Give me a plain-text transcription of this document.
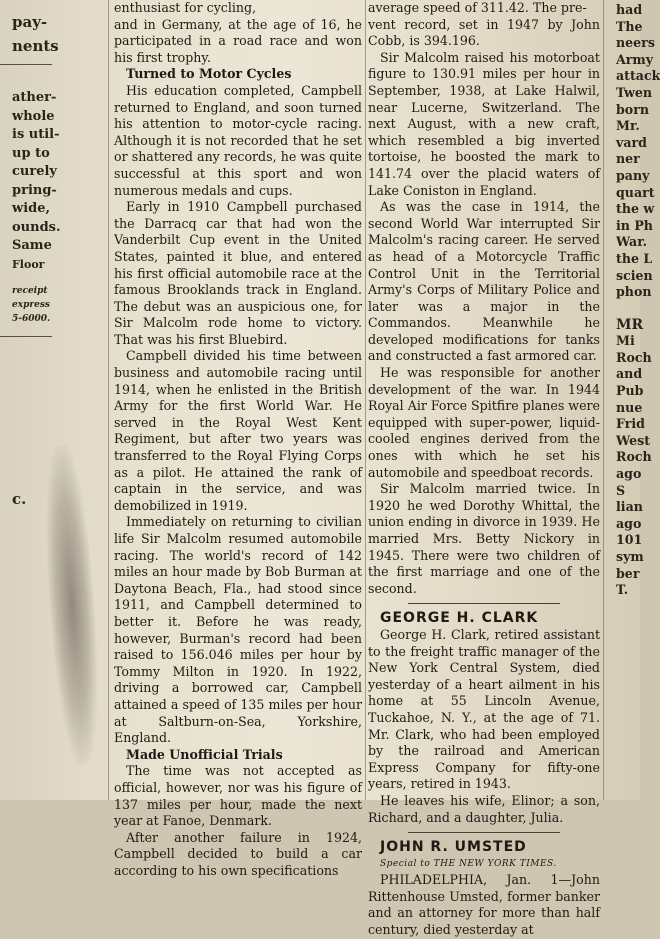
pay-

nents

ather-

whole

is util-

up to

curely

pring-

wide,

ounds.

Same

Floor

receipt

express

5-6000.

c.

enthusiast for cycling,

and in Germany, at the age of 16, he participated in a road race and won his first trophy.

Turned to Motor Cycles

His education completed, Campbell returned to England, and soon turned his attention to motor-cycle racing. Although it is not recorded that he set or shattered any records, he was quite successful at this sport and won numerous medals and cups.

Early in 1910 Campbell purchased the Darracq car that had won the Vanderbilt Cup event in the United States, painted it blue, and entered his first official automobile race at the famous Brooklands track in England. The debut was an auspicious one, for Sir Malcolm rode home to victory. That was his first Bluebird.

Campbell divided his time between business and automobile racing until 1914, when he enlisted in the British Army for the first World War. He served in the Royal West Kent Regiment, but after two years was transferred to the Royal Flying Corps as a pilot. He attained the rank of captain in the service, and was demobilized in 1919.

Immediately on returning to civilian life Sir Malcolm resumed automobile racing. The world's record of 142 miles an hour made by Bob Burman at Daytona Beach, Fla., had stood since 1911, and Campbell determined to better it. Before he was ready, however, Burman's record had been raised to 156.046 miles per hour by Tommy Milton in 1920. In 1922, driving a borrowed car, Campbell attained a speed of 135 miles per hour at Saltburn-on-Sea, Yorkshire, England.

Made Unofficial Trials

The time was not accepted as official, however, nor was his figure of 137 miles per hour, made the next year at Fanoe, Denmark.

After another failure in 1924, Campbell decided to build a car according to his own specifications

average speed of 311.42. The pre-

vent record, set in 1947 by John Cobb, is 394.196.

Sir Malcolm raised his motorboat figure to 130.91 miles per hour in September, 1938, at Lake Halwil, near Lucerne, Switzerland. The next August, with a new craft, which resembled a big inverted tortoise, he boosted the mark to 141.74 over the placid waters of Lake Coniston in England.

As was the case in 1914, the second World War interrupted Sir Malcolm's racing career. He served as head of a Motorcycle Traffic Control Unit in the Territorial Army's Corps of Military Police and later was a major in the Commandos. Meanwhile he developed modifications for tanks and constructed a fast armored car.

He was responsible for another development of the war. In 1944 Royal Air Force Spitfire planes were equipped with super-power, liquid-cooled engines derived from the ones with which he set his automobile and speedboat records.

Sir Malcolm married twice. In 1920 he wed Dorothy Whittal, the union ending in divorce in 1939. He married Mrs. Betty Nickory in 1945. There were two children of the first marriage and one of the second.

GEORGE H. CLARK

George H. Clark, retired assistant to the freight traffic manager of the New York Central System, died yesterday of a heart ailment in his home at 55 Lincoln Avenue, Tuckahoe, N. Y., at the age of 71. Mr. Clark, who had been employed by the railroad and American Express Company for fifty-one years, retired in 1943.

He leaves his wife, Elinor; a son, Richard, and a daughter, Julia.

JOHN R. UMSTED

Special to THE NEW YORK TIMES.

PHILADELPHIA, Jan. 1—John Rittenhouse Umsted, former banker and an attorney for more than half century, died yesterday at

had

The

neers

Army

attack

Twen

born

Mr.

vard

ner

pany

quart

the w

in Ph

War.

the L

scien

phon

MR

Mi

Roch

and

Pub

nue

Frid

West

Roch

ago

S

lian

ago

101

sym

ber

T.
